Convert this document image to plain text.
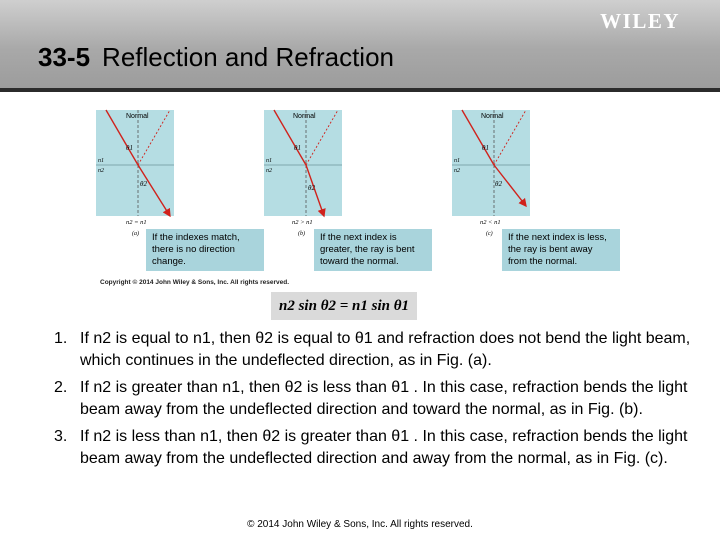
WILEY
33-5 Reflection and Refraction
Normal
θ1
θ2
n1
n2
n2 = n1
(a)
Normal
θ1
θ2
n1
n2
n2 > n1
(b)
Normal
θ1
θ2
n1
n2
n2 < n1
(c)
If the indexes match, there is no direction change.
If the next index is greater, the ray is bent toward the normal.
If the next index is less, the ray is bent away from the normal.
Copyright © 2014 John Wiley & Sons, Inc. All rights reserved.
n2 sin θ2 = n1 sin θ1
1. If n2 is equal to n1, then θ2 is equal to θ1 and refraction does not bend the light beam, which continues in the undeflected direction, as in Fig. (a).
2. If n2 is greater than n1, then θ2 is less than θ1 . In this case, refraction bends the light beam away from the undeflected direction and toward the normal, as in Fig. (b).
3. If n2 is less than n1, then θ2 is greater than θ1 . In this case, refraction bends the light beam away from the undeflected direction and away from the normal, as in Fig. (c).
© 2014 John Wiley & Sons, Inc. All rights reserved.
